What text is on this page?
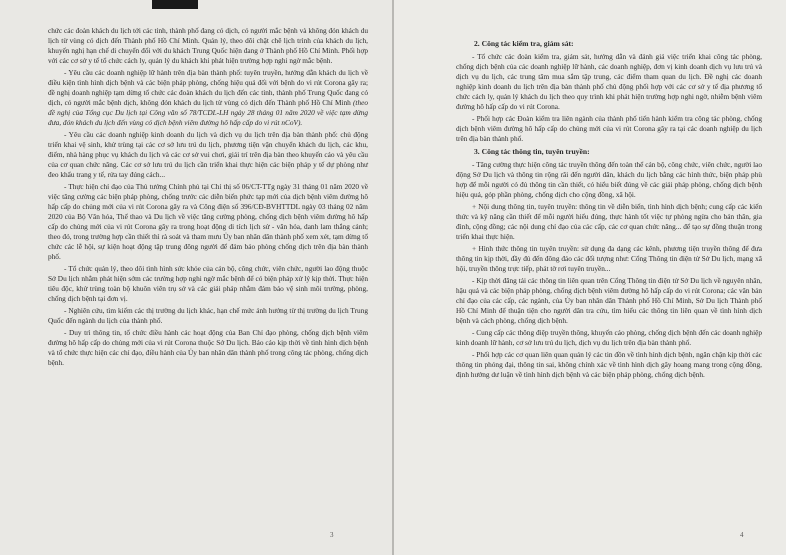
chức các đoàn khách du lịch tới các tỉnh, thành phố đang có dịch, có người mắc bệnh và không đón khách du lịch từ vùng có dịch đến Thành phố Hồ Chí Minh. Quản lý, theo dõi chặt chẽ lịch trình của khách du lịch, khuyến nghị hạn chế di chuyển đối với du khách Trung Quốc hiện đang ở Thành phố Hồ Chí Minh. Phối hợp với các cơ sở y tế tổ chức cách ly, quản lý du khách khi phát hiện trường hợp nghi ngờ mắc bệnh.

- Yêu cầu các doanh nghiệp lữ hành trên địa bàn thành phố: tuyên truyền, hướng dẫn khách du lịch về điều kiện tình hình dịch bệnh và các biện pháp phòng, chống hiệu quả đối với bệnh do vi rút Corona gây ra; đề nghị doanh nghiệp tạm dừng tổ chức các đoàn khách du lịch đến các tỉnh, thành phố Trung Quốc đang có dịch, có người mắc bệnh dịch, không đón khách du lịch từ vùng có dịch đến Thành phố Hồ Chí Minh (theo đề nghị của Tổng cục Du lịch tại Công văn số 78/TCDL-LH ngày 28 tháng 01 năm 2020 về việc tạm dừng đưa, đón khách du lịch đến vùng có dịch bệnh viêm đường hô hấp cấp do vi rút nCoV).

- Yêu cầu các doanh nghiệp kinh doanh du lịch và dịch vụ du lịch trên địa bàn thành phố: chủ động triển khai vệ sinh, khử trùng tại các cơ sở lưu trú du lịch, phương tiện vận chuyển khách du lịch, các khu, điểm, nhà hàng phục vụ khách du lịch và các cơ sở vui chơi, giải trí trên địa bàn theo khuyến cáo và yêu cầu của cơ quan chức năng. Các cơ sở lưu trú du lịch cần triển khai thực hiện các biện pháp y tế dự phòng như đeo khẩu trang y tế, rửa tay đúng cách...

- Thực hiện chỉ đạo của Thủ tướng Chính phủ tại Chỉ thị số 06/CT-TTg ngày 31 tháng 01 năm 2020 về việc tăng cường các biện pháp phòng, chống trước các diễn biến phức tạp mới của dịch bệnh viêm đường hô hấp cấp do chủng mới của vi rút Corona gây ra và Công điện số 396/CĐ-BVHTTDL ngày 03 tháng 02 năm 2020 của Bộ Văn hóa, Thể thao và Du lịch về việc tăng cường phòng, chống dịch bệnh viêm đường hô hấp cấp do chủng mới của vi rút Corona gây ra trong hoạt động di tích lịch sử - văn hóa, danh lam thắng cảnh; theo đó, trong trường hợp cần thiết thì rà soát và tham mưu Ủy ban nhân dân thành phố xem xét, tạm dừng tổ chức các lễ hội, sự kiện hoạt động tập trung đông người để đảm bảo phòng chống dịch trên địa bàn thành phố.

- Tổ chức quản lý, theo dõi tình hình sức khỏe của cán bộ, công chức, viên chức, người lao động thuộc Sở Du lịch nhằm phát hiện sớm các trường hợp nghi ngờ mắc bệnh để có biện pháp xử lý kịp thời. Thực hiện tiêu độc, khử trùng toàn bộ khuôn viên trụ sở và các giải pháp nhằm đảm bảo vệ sinh môi trường, phòng, chống dịch bệnh tại đơn vị.

- Nghiên cứu, tìm kiếm các thị trường du lịch khác, hạn chế mức ảnh hưởng từ thị trường du lịch Trung Quốc đến ngành du lịch của thành phố.

- Duy trì thông tin, tổ chức điều hành các hoạt động của Ban Chỉ đạo phòng, chống dịch bệnh viêm đường hô hấp cấp do chủng mới của vi rút Corona thuộc Sở Du lịch. Báo cáo kịp thời về tình hình dịch bệnh và tổ chức thực hiện các chỉ đạo, điều hành của Ủy ban nhân dân thành phố trong công tác phòng, chống dịch bệnh.

3
2. Công tác kiểm tra, giám sát:

- Tổ chức các đoàn kiểm tra, giám sát, hướng dẫn và đánh giá việc triển khai công tác phòng, chống dịch bệnh của các doanh nghiệp lữ hành, các doanh nghiệp, đơn vị kinh doanh dịch vụ lưu trú và dịch vụ du lịch, các trung tâm mua sắm tập trung, các điểm tham quan du lịch. Đề nghị các doanh nghiệp kinh doanh du lịch trên địa bàn thành phố chủ động phối hợp với các cơ sở y tế địa phương tổ chức cách ly, quản lý khách du lịch theo quy trình khi phát hiện trường hợp nghi ngờ, nhiễm bệnh viêm đường hô hấp cấp do vi rút Corona.

- Phối hợp các Đoàn kiểm tra liên ngành của thành phố tiến hành kiểm tra công tác phòng, chống dịch bệnh viêm đường hô hấp cấp do chủng mới của vi rút Corona gây ra tại các doanh nghiệp du lịch trên địa bàn thành phố.

3. Công tác thông tin, tuyên truyền:

- Tăng cường thực hiện công tác truyền thông đến toàn thể cán bộ, công chức, viên chức, người lao động Sở Du lịch và thông tin rộng rãi đến người dân, khách du lịch bằng các hình thức, biện pháp phù hợp để mỗi người có đủ thông tin cần thiết, có hiểu biết đúng về các giải pháp phòng, chống dịch bệnh hiệu quả, góp phần phòng, chống dịch cho cộng đồng, xã hội.

+ Nội dung thông tin, tuyên truyền: thông tin về diễn biến, tình hình dịch bệnh; cung cấp các kiến thức và kỹ năng cần thiết để mỗi người hiểu đúng, thực hành tốt việc tự phòng ngừa cho bản thân, gia đình, cộng đồng; các nội dung chỉ đạo của các cấp, các cơ quan chức năng... để tạo sự đồng thuận trong triển khai thực hiện.

+ Hình thức thông tin tuyên truyền: sử dụng đa dạng các kênh, phương tiện truyền thông để đưa thông tin kịp thời, đầy đủ đến đông đảo các đối tượng như: Cổng Thông tin điện tử Sở Du lịch, mạng xã hội, truyền thông trực tiếp, phát tờ rơi tuyên truyền...

- Kịp thời đăng tải các thông tin liên quan trên Cổng Thông tin điện tử Sở Du lịch về nguyên nhân, hậu quả và các biện pháp phòng, chống dịch bệnh viêm đường hô hấp cấp do vi rút Corona; các văn bản chỉ đạo của các cấp, các ngành, của Ủy ban nhân dân Thành phố Hồ Chí Minh, Sở Du lịch Thành phố Hồ Chí Minh để thuận tiện cho người dân tra cứu, tìm hiểu các thông tin liên quan về tình hình dịch bệnh và cách phòng, chống dịch bệnh.

- Cung cấp các thông điệp truyền thông, khuyến cáo phòng, chống dịch bệnh đến các doanh nghiệp kinh doanh lữ hành, cơ sở lưu trú du lịch, dịch vụ du lịch trên địa bàn thành phố.

- Phối hợp các cơ quan liên quan quản lý các tin đồn về tình hình dịch bệnh, ngăn chặn kịp thời các thông tin phóng đại, thông tin sai, không chính xác về tình hình dịch gây hoang mang trong cộng đồng, định hướng dư luận về tình hình dịch bệnh và các biện pháp phòng, chống dịch bệnh.

4
